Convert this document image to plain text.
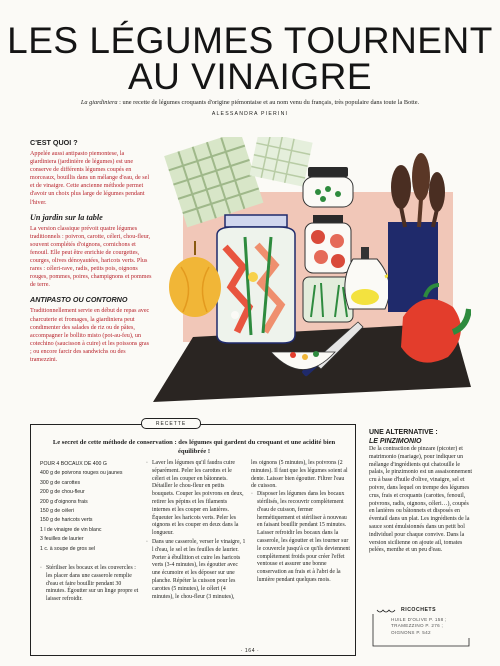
LES LÉGUMES TOURNENT
AU VINAIGRE
La giardiniera : une recette de légumes croquants d'origine piémontaise et au nom venu du français, très populaire dans toute la Botte.
ALESSANDRA PIERINI
C'EST QUOI ?
Appelée aussi antipasto piemontese, la giardiniera (jardinière de légumes) est une conserve de différents légumes coupés en morceaux, bouillis dans un mélange d'eau, de sel et de vinaigre. Cette ancienne méthode permet d'avoir un choix plus large de légumes pendant l'hiver.
Un jardin sur la table
La version classique prévoit quatre légumes traditionnels : poivron, carotte, céleri, chou-fleur, souvent complétés d'oignons, cornichons et fenouil. Elle peut être enrichie de courgettes, courges, olives dénoyautées, haricots verts. Plus rares : céleri-rave, radis, petits pois, oignons rouges, pommes, poires, champignons et pommes de terre.
ANTIPASTO OU CONTORNO
Traditionnellement servie en début de repas avec charcuterie et fromages, la giardiniera peut condimenter des salades de riz ou de pâtes, accompagner le bollito misto (pot-au-feu), un cotechino (saucisson à cuire) et les poissons gras ; ou encore farcir des sandwichs ou des tramezzini.
RECETTE
Le secret de cette méthode de conservation : des légumes qui gardent du croquant et une acidité bien équilibrée !
POUR 4 BOCAUX DE 400 G
400 g de poivrons rouges ou jaunes
300 g de carottes
200 g de chou-fleur
200 g d'oignons frais
150 g de céleri
150 g de haricots verts
1 l de vinaigre de vin blanc
3 feuilles de laurier
1 c. à soupe de gros sel
· Stériliser les bocaux et les couvercles : les placer dans une casserole remplie d'eau et faire bouillir pendant 30 minutes. Égoutter sur un linge propre et laisser refroidir.
· Laver les légumes qu'il faudra cuire séparément. Peler les carottes et le céleri et les couper en bâtonnets. Détailler le chou-fleur en petits bouquets. Couper les poivrons en deux, retirer les pépins et les filaments internes et les couper en lanières. Équeuter les haricots verts. Peler les oignons et les couper en deux dans la longueur.
· Dans une casserole, verser le vinaigre, 1 l d'eau, le sel et les feuilles de laurier. Porter à ébullition et cuire les haricots verts (3-4 minutes), les égoutter avec une écumoire et les déposer sur une planche. Répéter la cuisson pour les carottes (5 minutes), le céleri (4 minutes), le chou-fleur (3 minutes),
les oignons (5 minutes), les poivrons (2 minutes). Il faut que les légumes soient al dente. Laisser bien égoutter. Filtrer l'eau de cuisson.
· Disposer les légumes dans les bocaux stérilisés, les recouvrir complètement d'eau de cuisson, fermer hermétiquement et stériliser à nouveau en faisant bouillir pendant 15 minutes. Laisser refroidir les bocaux dans la casserole, les égoutter et les tourner sur le couvercle jusqu'à ce qu'ils deviennent complètement froids pour créer l'effet ventouse et assurer une bonne conservation au frais et à l'abri de la lumière pendant quelques mois.
UNE ALTERNATIVE :
LE PINZIMONIO
De la contraction de pinzare (picoter) et matrimonio (mariage), pour indiquer un mélange d'ingrédients qui chatouille le palais, le pinzimonio est un assaisonnement cru à base d'huile d'olive, vinaigre, sel et poivre, dans lequel on trempe des légumes crus, frais et croquants (carottes, fenouil, poivrons, radis, oignons, céleri…), coupés en lanières ou bâtonnets et disposés en éventail dans un plat. Les ingrédients de la sauce sont émulsionnés dans un petit bol individuel pour chaque convive. Dans la version sicilienne on ajoute ail, tomates pelées, menthe et un peu d'eau.
RICOCHETS
HUILE D'OLIVE P. 158 ;
TRAMEZZINO P. 276 ;
OIGNONS P. 542
· 164 ·
